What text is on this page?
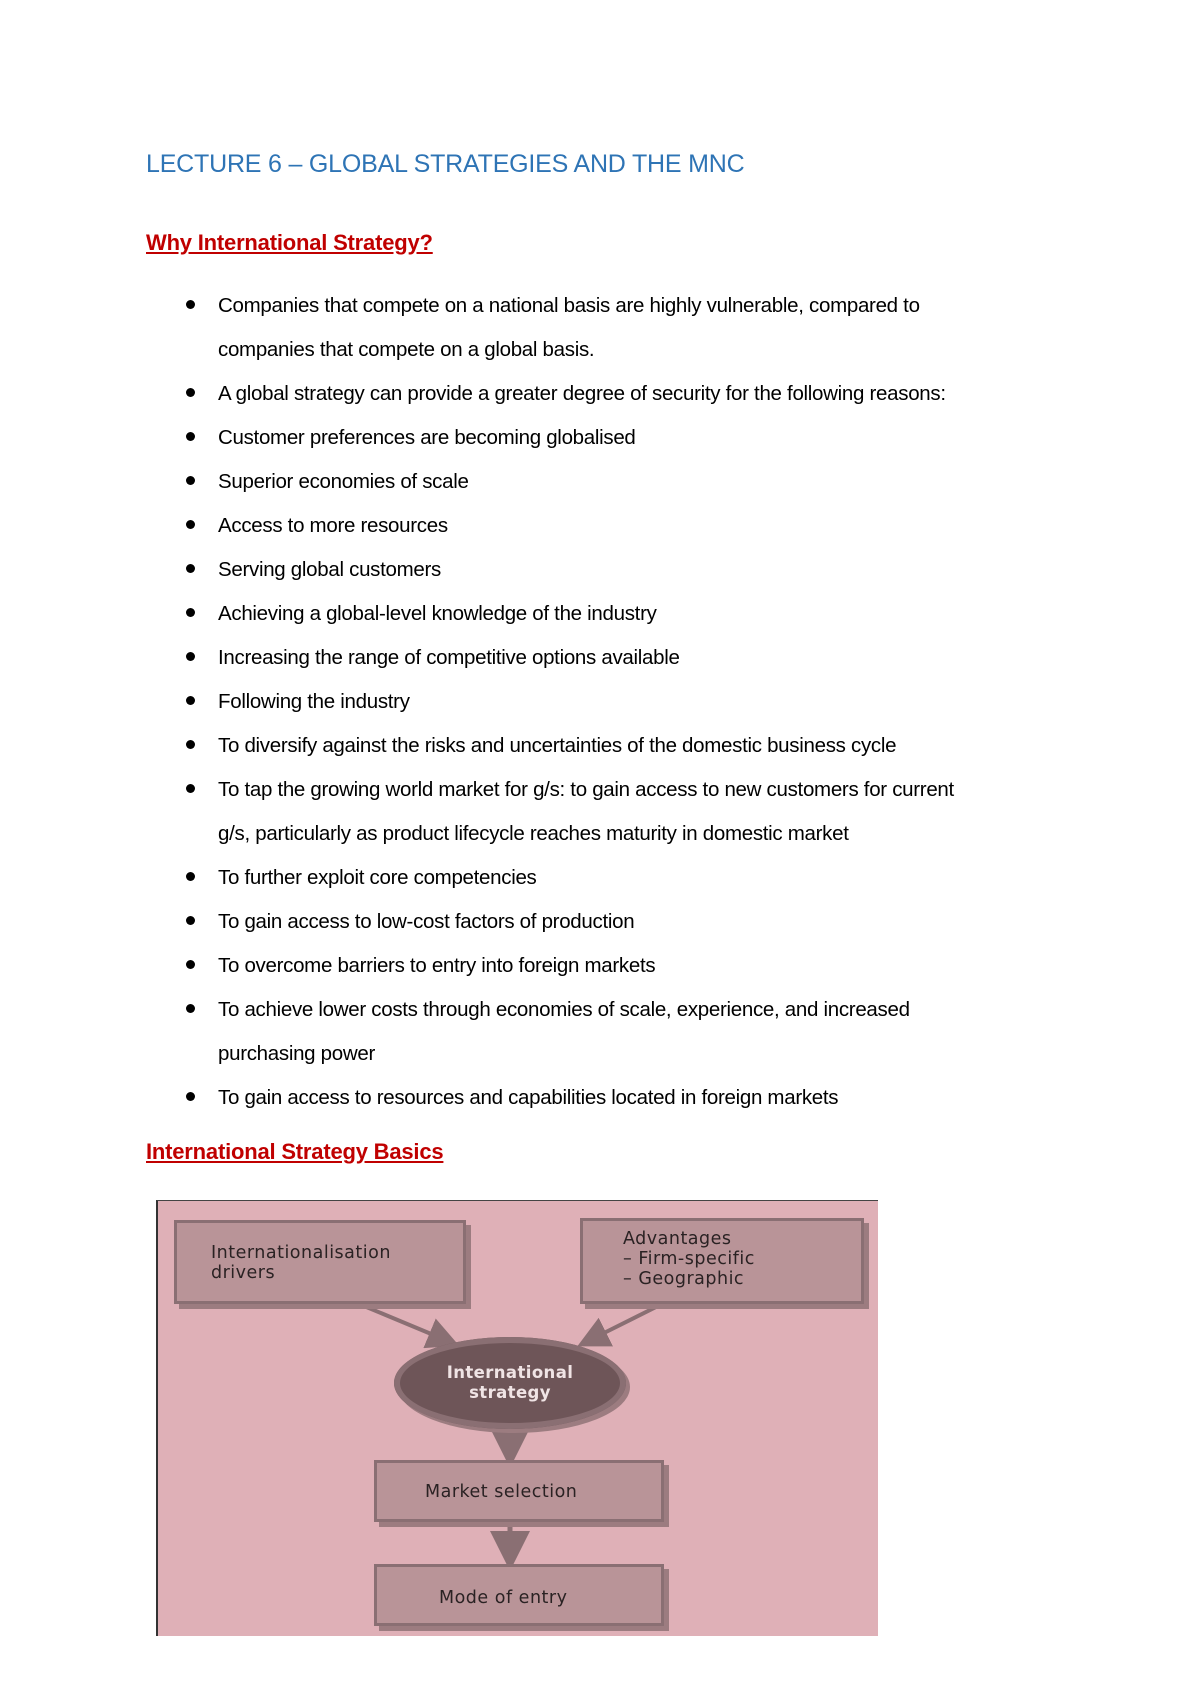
LECTURE 6 – GLOBAL STRATEGIES AND THE MNC
Why International Strategy?
Companies that compete on a national basis are highly vulnerable, compared to
companies that compete on a global basis.
A global strategy can provide a greater degree of security for the following reasons:
Customer preferences are becoming globalised
Superior economies of scale
Access to more resources
Serving global customers
Achieving a global-level knowledge of the industry
Increasing the range of competitive options available
Following the industry
To diversify against the risks and uncertainties of the domestic business cycle
To tap the growing world market for g/s: to gain access to new customers for current
g/s, particularly as product lifecycle reaches maturity in domestic market
To further exploit core competencies
To gain access to low-cost factors of production
To overcome barriers to entry into foreign markets
To achieve lower costs through economies of scale, experience, and increased
purchasing power
To gain access to resources and capabilities located in foreign markets
International Strategy Basics
Internationalisation
drivers
Advantages
– Firm-specific
– Geographic
International
strategy
Market selection
Mode of entry
